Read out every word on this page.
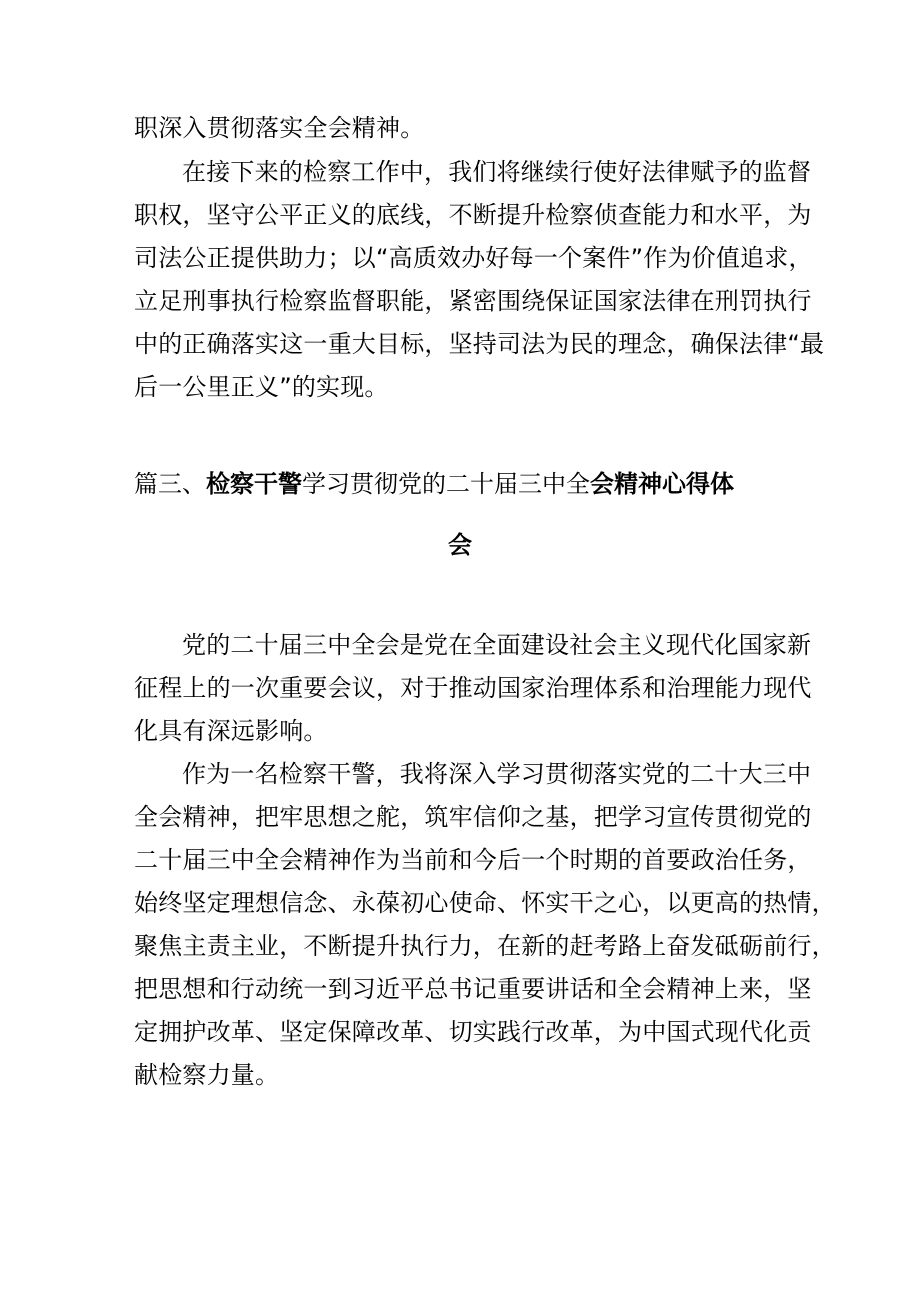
职深入贯彻落实全会精神。
在接下来的检察工作中，我们将继续行使好法律赋予的监督
职权，坚守公平正义的底线，不断提升检察侦查能力和水平，为
司法公正提供助力；以“高质效办好每一个案件”作为价值追求，
立足刑事执行检察监督职能，紧密围绕保证国家法律在刑罚执行
中的正确落实这一重大目标，坚持司法为民的理念，确保法律“最
后一公里正义”的实现。
篇三、检察干警学习贯彻党的二十届三中全会精神心得体
会
党的二十届三中全会是党在全面建设社会主义现代化国家新
征程上的一次重要会议，对于推动国家治理体系和治理能力现代
化具有深远影响。
作为一名检察干警，我将深入学习贯彻落实党的二十大三中
全会精神，把牢思想之舵，筑牢信仰之基，把学习宣传贯彻党的
二十届三中全会精神作为当前和今后一个时期的首要政治任务，
始终坚定理想信念、永葆初心使命、怀实干之心，以更高的热情，
聚焦主责主业，不断提升执行力，在新的赶考路上奋发砥砺前行，
把思想和行动统一到习近平总书记重要讲话和全会精神上来，坚
定拥护改革、坚定保障改革、切实践行改革，为中国式现代化贡
献检察力量。
